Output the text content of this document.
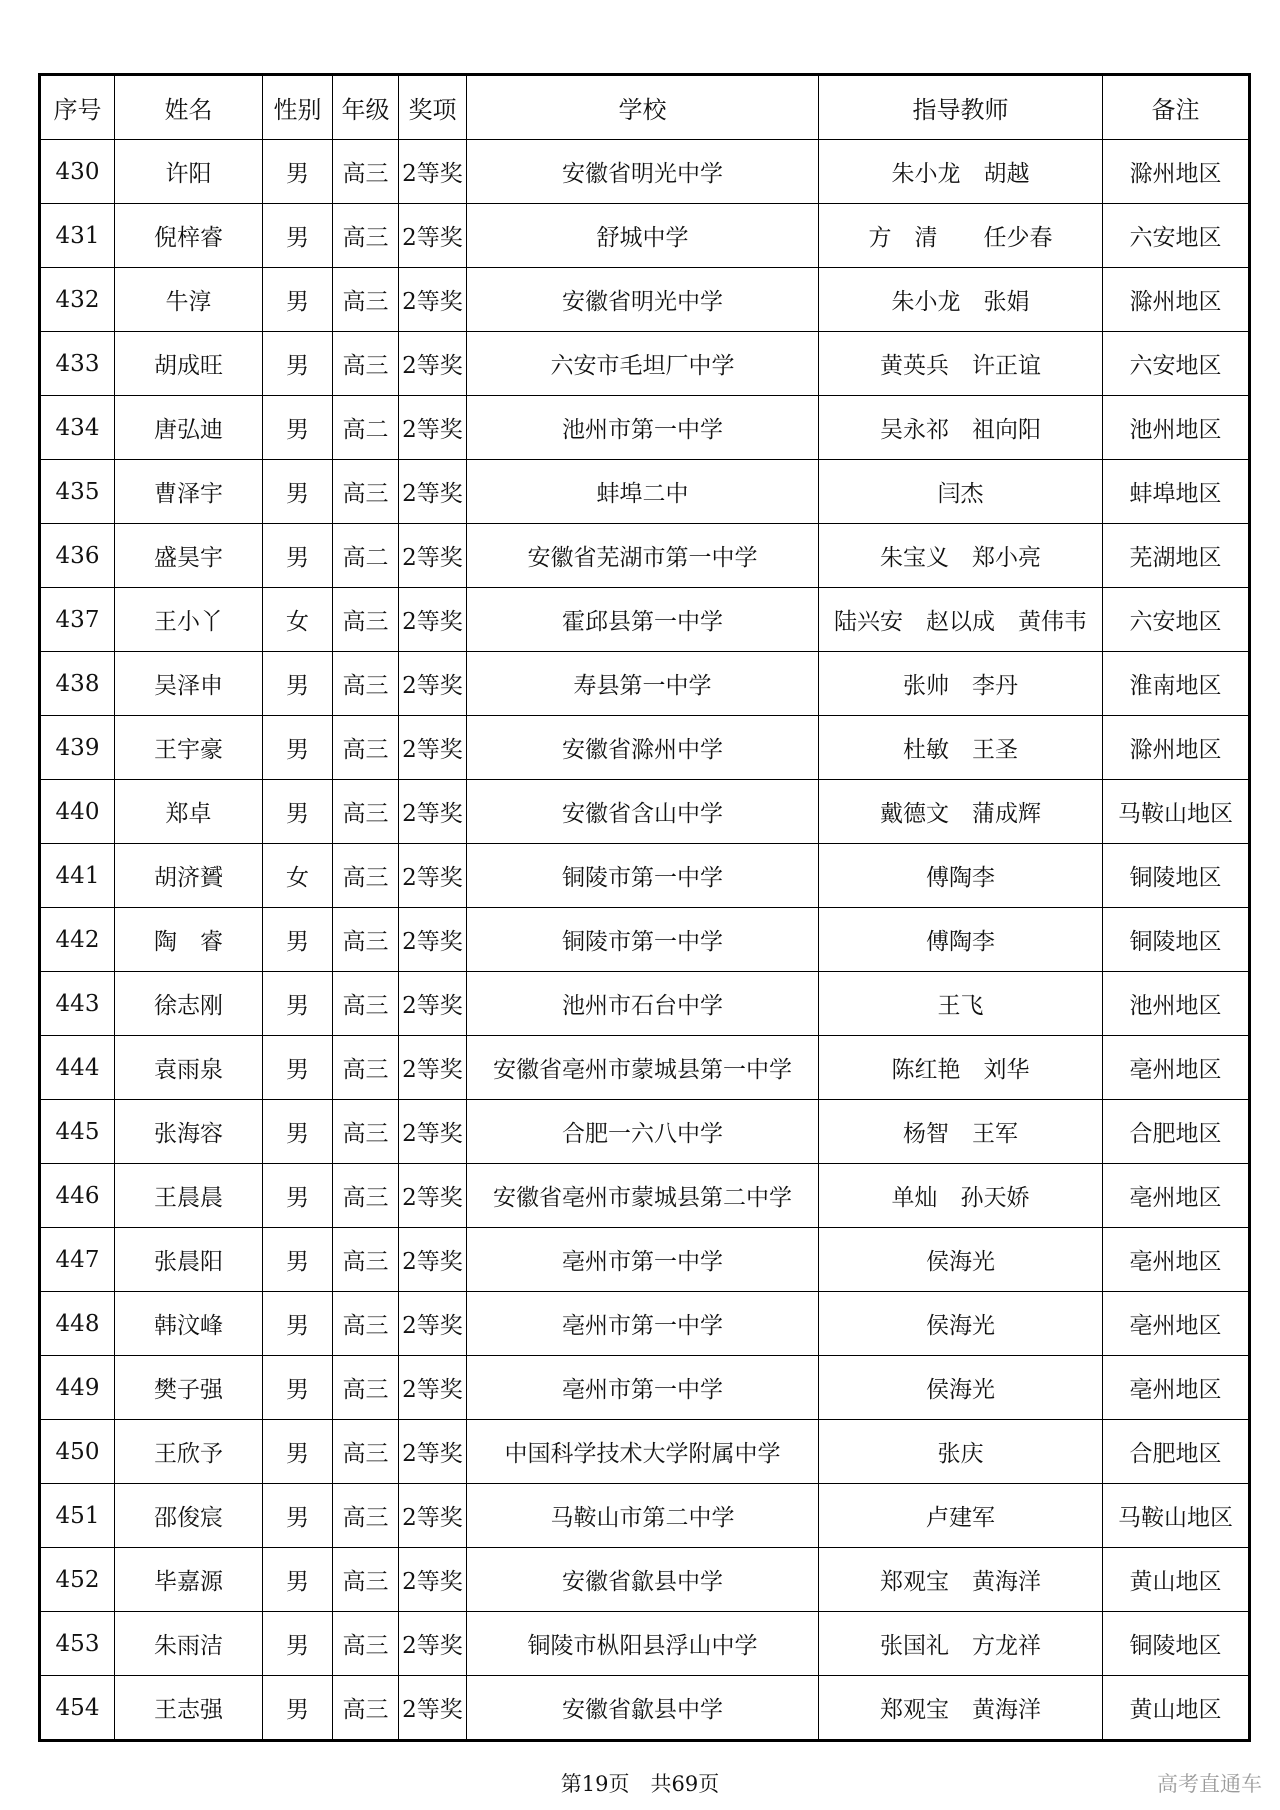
序号	姓名	性别	年级	奖项	学校	指导教师	备注
430	许阳	男	高三	2等奖	安徽省明光中学	朱小龙　胡越	滁州地区
431	倪梓睿	男	高三	2等奖	舒城中学	方　清　　任少春	六安地区
432	牛淳	男	高三	2等奖	安徽省明光中学	朱小龙　张娟	滁州地区
433	胡成旺	男	高三	2等奖	六安市毛坦厂中学	黄英兵　许正谊	六安地区
434	唐弘迪	男	高二	2等奖	池州市第一中学	吴永祁　祖向阳	池州地区
435	曹泽宇	男	高三	2等奖	蚌埠二中	闫杰	蚌埠地区
436	盛昊宇	男	高二	2等奖	安徽省芜湖市第一中学	朱宝义　郑小亮	芜湖地区
437	王小丫	女	高三	2等奖	霍邱县第一中学	陆兴安　赵以成　黄伟韦	六安地区
438	吴泽申	男	高三	2等奖	寿县第一中学	张帅　李丹	淮南地区
439	王宇豪	男	高三	2等奖	安徽省滁州中学	杜敏　王圣	滁州地区
440	郑卓	男	高三	2等奖	安徽省含山中学	戴德文　蒲成辉	马鞍山地区
441	胡济贇	女	高三	2等奖	铜陵市第一中学	傅陶李	铜陵地区
442	陶　睿	男	高三	2等奖	铜陵市第一中学	傅陶李	铜陵地区
443	徐志刚	男	高三	2等奖	池州市石台中学	王飞	池州地区
444	袁雨泉	男	高三	2等奖	安徽省亳州市蒙城县第一中学	陈红艳　刘华	亳州地区
445	张海容	男	高三	2等奖	合肥一六八中学	杨智　王军	合肥地区
446	王晨晨	男	高三	2等奖	安徽省亳州市蒙城县第二中学	单灿　孙天娇	亳州地区
447	张晨阳	男	高三	2等奖	亳州市第一中学	侯海光	亳州地区
448	韩汶峰	男	高三	2等奖	亳州市第一中学	侯海光	亳州地区
449	樊子强	男	高三	2等奖	亳州市第一中学	侯海光	亳州地区
450	王欣予	男	高三	2等奖	中国科学技术大学附属中学	张庆	合肥地区
451	邵俊宸	男	高三	2等奖	马鞍山市第二中学	卢建军	马鞍山地区
452	毕嘉源	男	高三	2等奖	安徽省歙县中学	郑观宝　黄海洋	黄山地区
453	朱雨洁	男	高三	2等奖	铜陵市枞阳县浮山中学	张国礼　方龙祥	铜陵地区
454	王志强	男	高三	2等奖	安徽省歙县中学	郑观宝　黄海洋	黄山地区
第19页　共69页	高考直通车
